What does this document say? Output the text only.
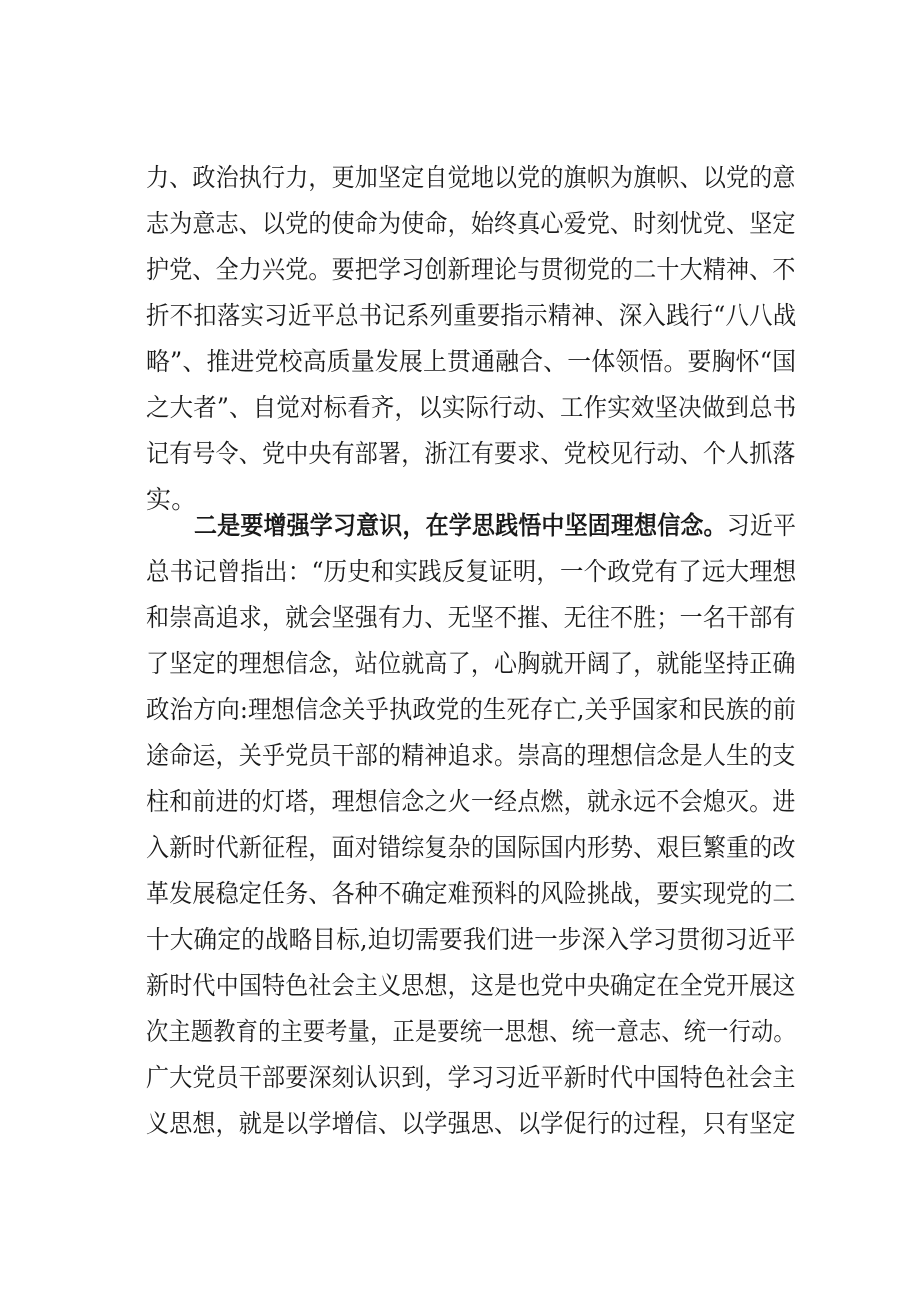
力、政治执行力，更加坚定自觉地以党的旗帜为旗帜、以党的意
志为意志、以党的使命为使命，始终真心爱党、时刻忧党、坚定
护党、全力兴党。要把学习创新理论与贯彻党的二十大精神、不
折不扣落实习近平总书记系列重要指示精神、深入践行“八八战
略”、推进党校高质量发展上贯通融合、一体领悟。要胸怀“国
之大者”、自觉对标看齐，以实际行动、工作实效坚决做到总书
记有号令、党中央有部署，浙江有要求、党校见行动、个人抓落
实。
二是要增强学习意识，在学思践悟中坚固理想信念。习近平
总书记曾指出：“历史和实践反复证明，一个政党有了远大理想
和崇高追求，就会坚强有力、无坚不摧、无往不胜；一名干部有
了坚定的理想信念，站位就高了，心胸就开阔了，就能坚持正确
政治方向:理想信念关乎执政党的生死存亡,关乎国家和民族的前
途命运，关乎党员干部的精神追求。崇高的理想信念是人生的支
柱和前进的灯塔，理想信念之火一经点燃，就永远不会熄灭。进
入新时代新征程，面对错综复杂的国际国内形势、艰巨繁重的改
革发展稳定任务、各种不确定难预料的风险挑战，要实现党的二
十大确定的战略目标,迫切需要我们进一步深入学习贯彻习近平
新时代中国特色社会主义思想，这是也党中央确定在全党开展这
次主题教育的主要考量，正是要统一思想、统一意志、统一行动。
广大党员干部要深刻认识到，学习习近平新时代中国特色社会主
义思想，就是以学增信、以学强思、以学促行的过程，只有坚定
